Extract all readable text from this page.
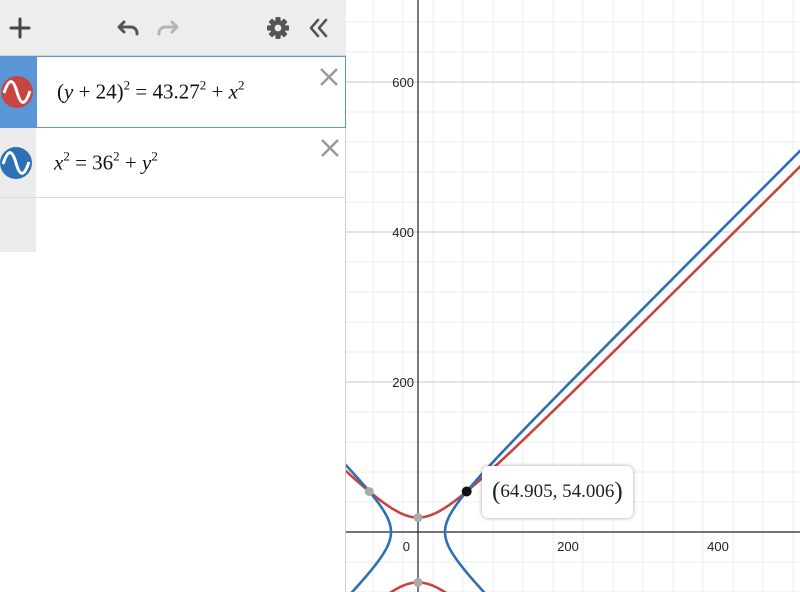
$(y + 24)^2 = 43.27^2 + x^2$
$x^2 = 36^2 + y^2$
0	200	400
200
400
600
( 64.905 , 54.006 )
